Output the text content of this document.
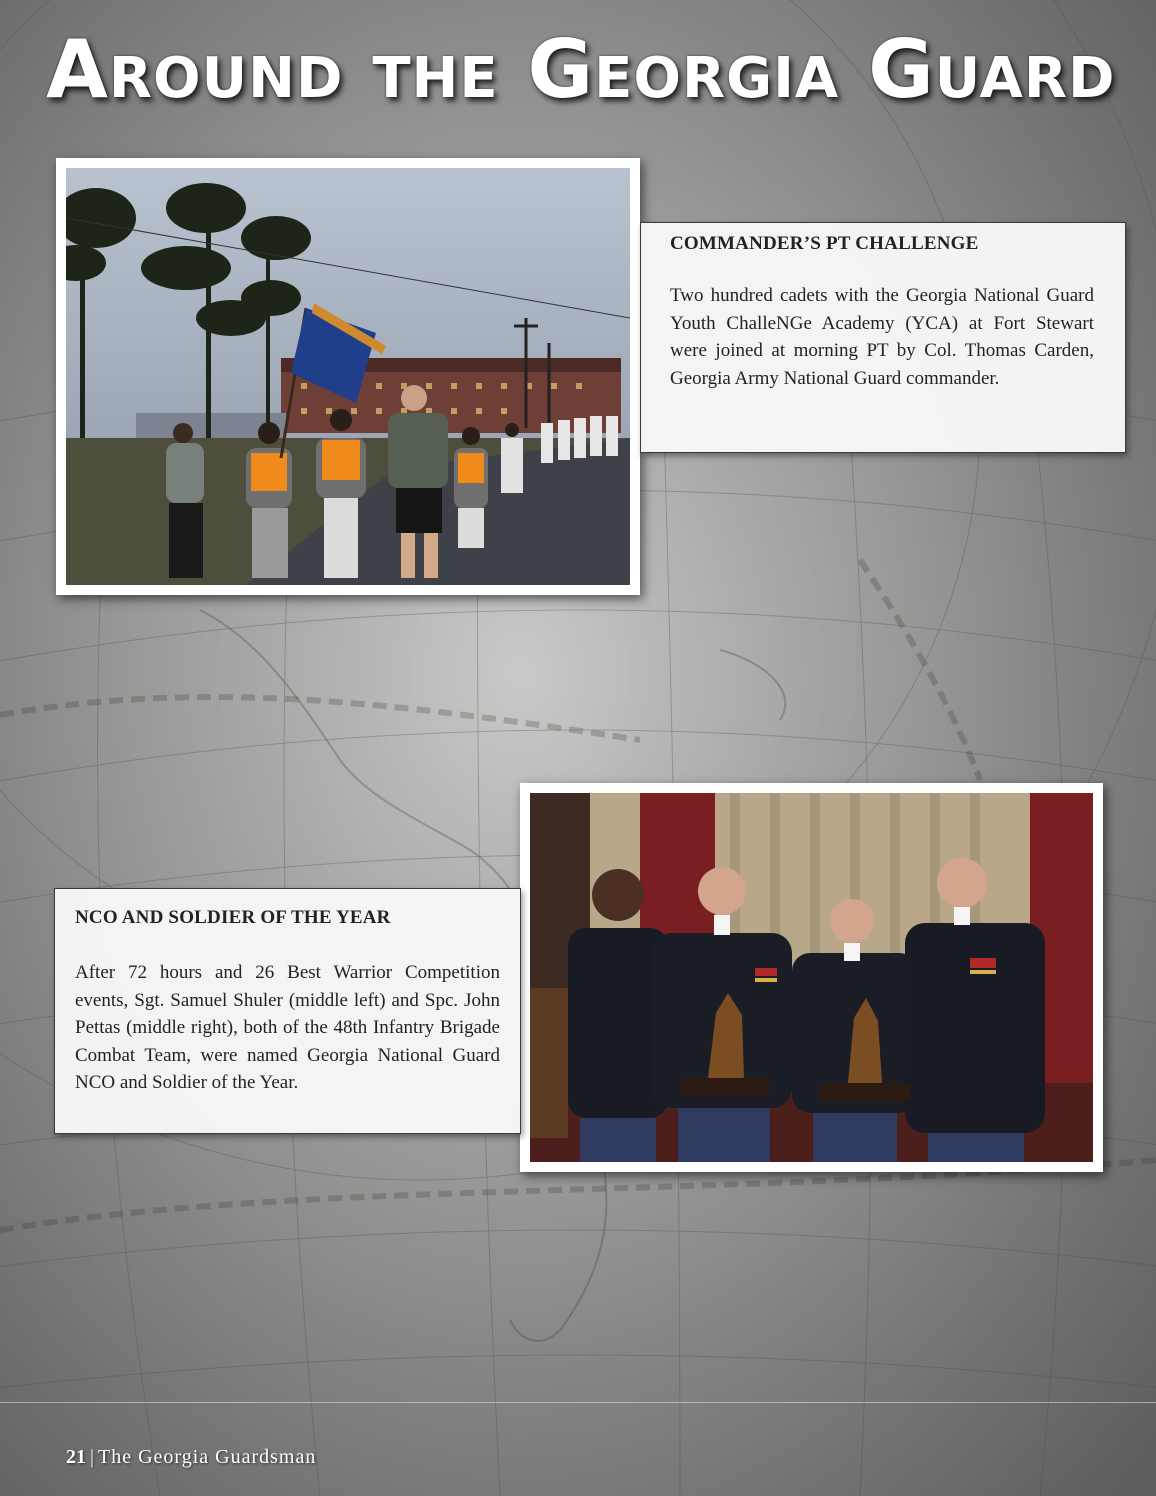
Around the Georgia Guard
COMMANDER’S PT CHALLENGE

Two hundred cadets with the Georgia National Guard Youth ChalleNGe Academy (YCA) at Fort Stewart were joined at morning PT by Col. Thomas Carden, Georgia Army National Guard commander.

NCO AND SOLDIER OF THE YEAR

After 72 hours and 26 Best Warrior Competition events, Sgt. Samuel Shuler (middle left) and Spc. John Pettas (middle right), both of the 48th Infantry Brigade Combat Team, were named Georgia National Guard NCO and Soldier of the Year.

21 | The Georgia Guardsman
